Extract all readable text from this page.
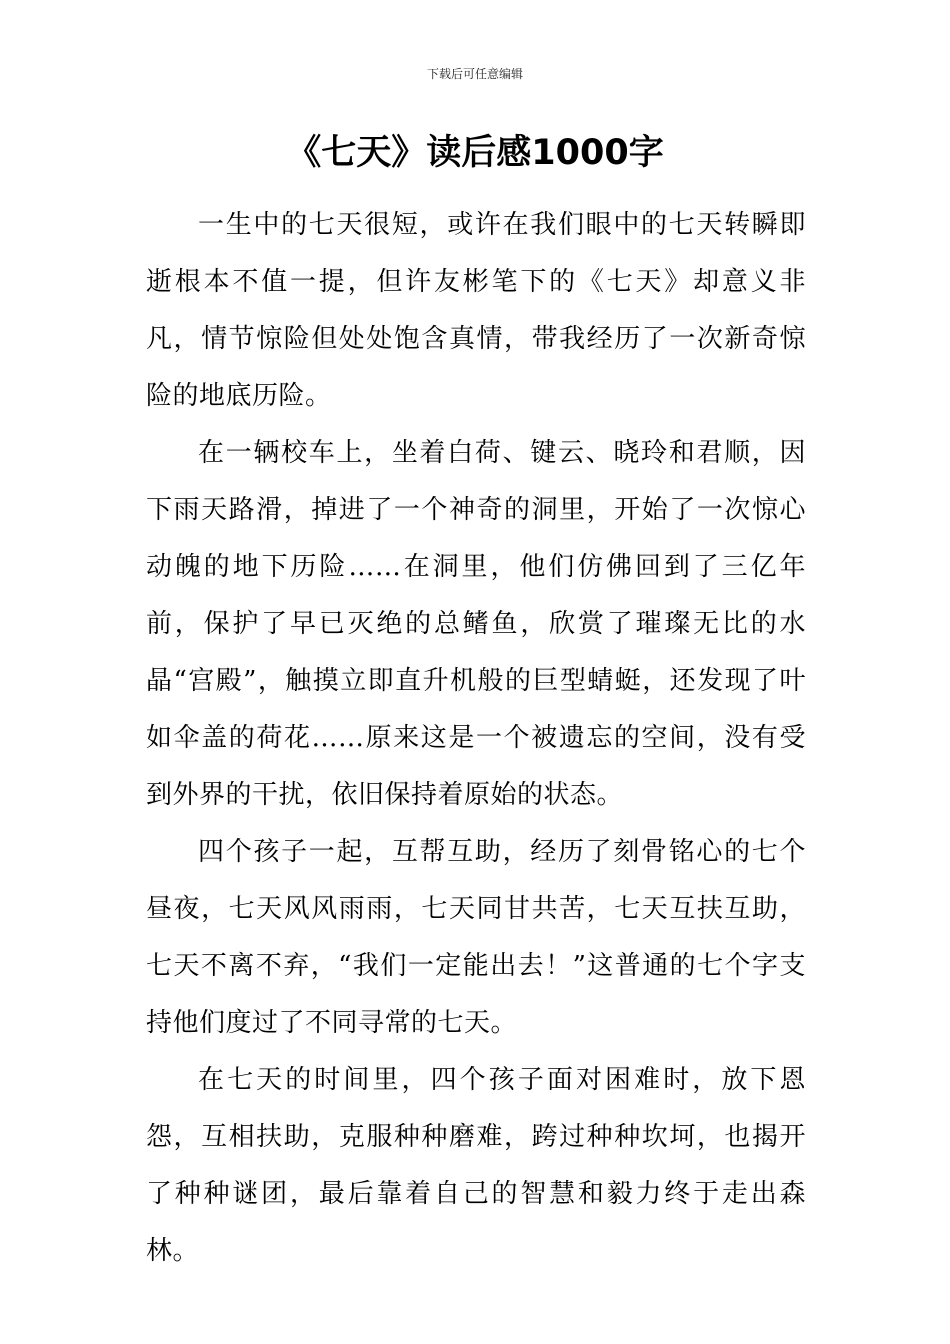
下载后可任意编辑
《七天》读后感1000字

一生中的七天很短，或许在我们眼中的七天转瞬即逝根本不值一提，但许友彬笔下的《七天》却意义非凡，情节惊险但处处饱含真情，带我经历了一次新奇惊险的地底历险。

在一辆校车上，坐着白荷、键云、晓玲和君顺，因下雨天路滑，掉进了一个神奇的洞里，开始了一次惊心动魄的地下历险……在洞里，他们仿佛回到了三亿年前，保护了早已灭绝的总鳍鱼，欣赏了璀璨无比的水晶“宫殿”，触摸立即直升机般的巨型蜻蜓，还发现了叶如伞盖的荷花……原来这是一个被遗忘的空间，没有受到外界的干扰，依旧保持着原始的状态。

四个孩子一起，互帮互助，经历了刻骨铭心的七个昼夜，七天风风雨雨，七天同甘共苦，七天互扶互助，七天不离不弃，“我们一定能出去！”这普通的七个字支持他们度过了不同寻常的七天。

在七天的时间里，四个孩子面对困难时，放下恩怨，互相扶助，克服种种磨难，跨过种种坎坷，也揭开了种种谜团，最后靠着自己的智慧和毅力终于走出森林。
